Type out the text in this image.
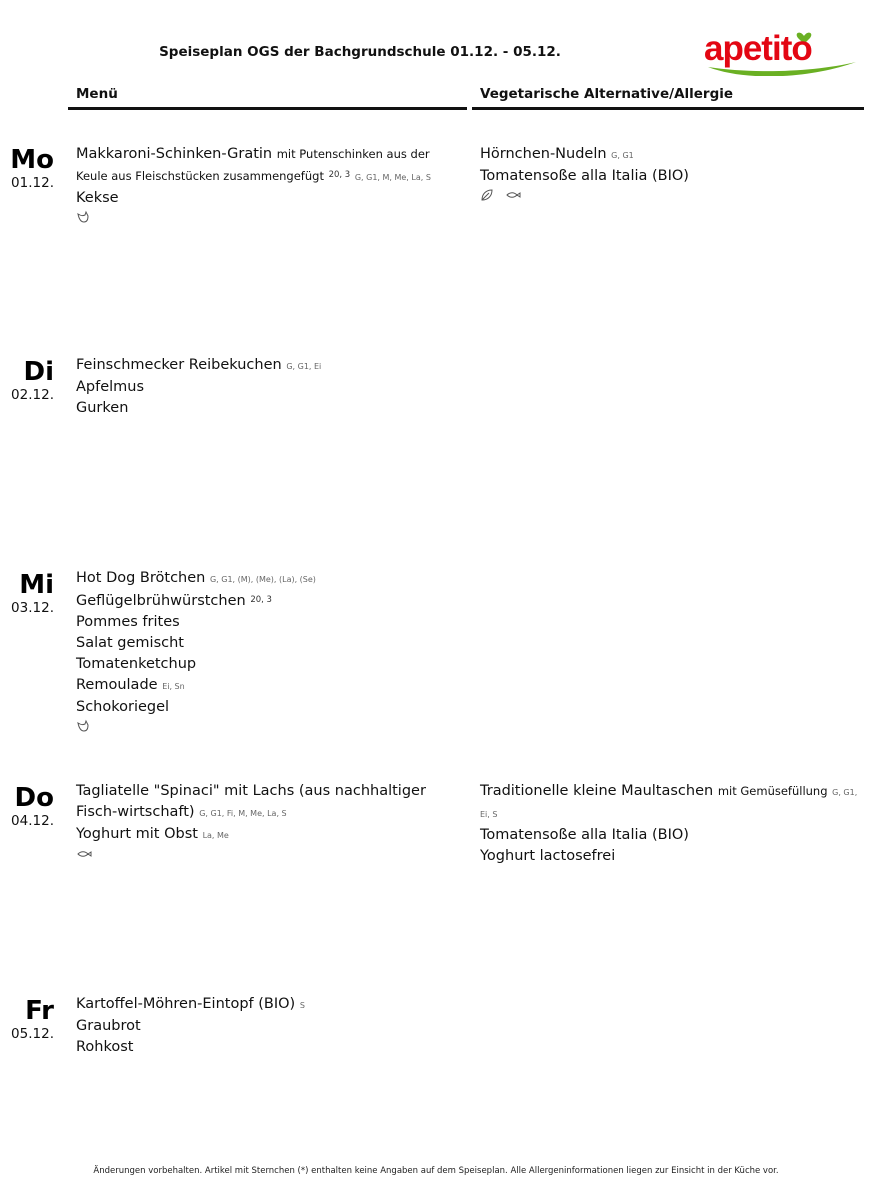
Speiseplan OGS der Bachgrundschule 01.12. - 05.12.	apetito
Menü	Vegetarische Alternative/Allergie
Mo
01.12.
Makkaroni-Schinken-Gratin mit Putenschinken aus der Keule aus Fleischstücken zusammengefügt $^{20, 3}$ G, G1, M, Me, La, S
Kekse
Hörnchen-Nudeln G, G1
Tomatensoße alla Italia (BIO)

Di
02.12.
Feinschmecker Reibekuchen G, G1, Ei
Apfelmus
Gurken
Mi
03.12.
Hot Dog Brötchen G, G1, (M), (Me), (La), (Se)
Geflügelbrühwürstchen $^{20, 3}$
Pommes frites
Salat gemischt
Tomatenketchup
Remoulade Ei, Sn
Schokoriegel
Do
04.12.
Tagliatelle "Spinaci" mit Lachs (aus nachhaltiger Fisch-wirtschaft) G, G1, Fi, M, Me, La, S
Yoghurt mit Obst La, Me
Traditionelle kleine Maultaschen mit Gemüsefüllung G, G1, Ei, S
Tomatensoße alla Italia (BIO)
Yoghurt lactosefrei
Fr
05.12.
Kartoffel-Möhren-Eintopf (BIO) S
Graubrot
Rohkost
Änderungen vorbehalten. Artikel mit Sternchen (*) enthalten keine Angaben auf dem Speiseplan. Alle Allergeninformationen liegen zur Einsicht in der Küche vor.
